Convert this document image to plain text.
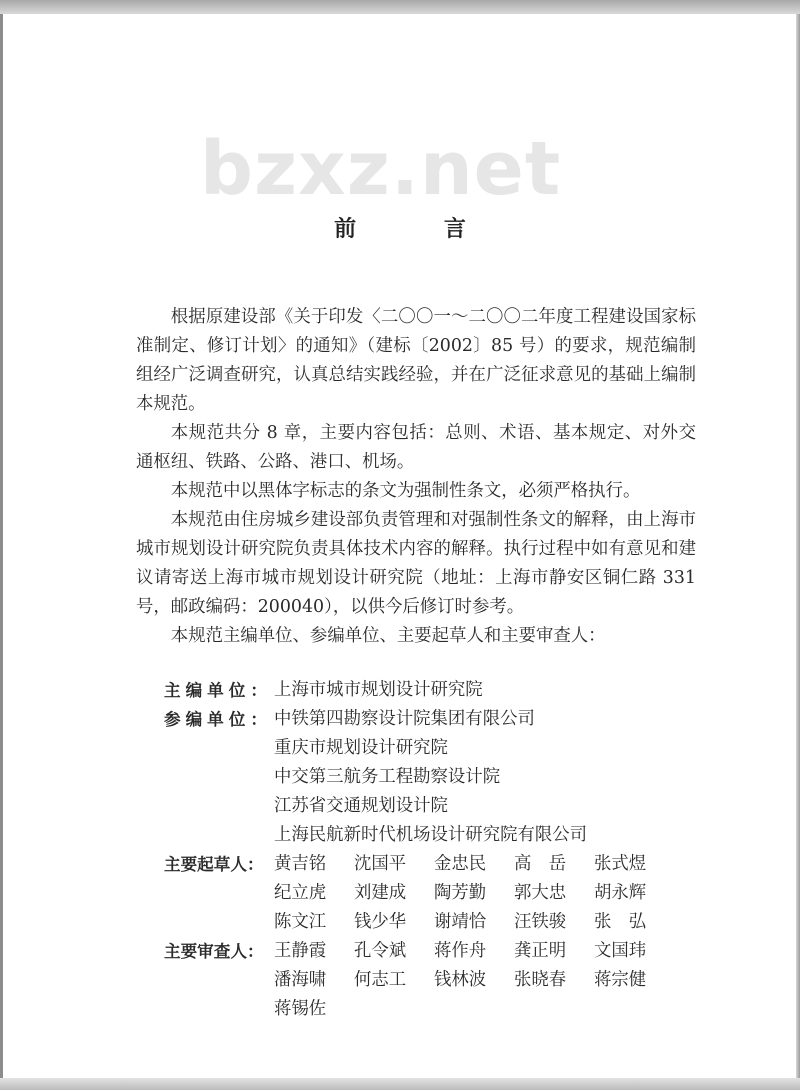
bzxz.net
前 言

根据原建设部《关于印发〈二〇〇一～二〇〇二年度工程建设国家标准制定、修订计划〉的通知》（建标〔2002〕85 号）的要求，规范编制组经广泛调查研究，认真总结实践经验，并在广泛征求意见的基础上编制本规范。

本规范共分 8 章，主要内容包括：总则、术语、基本规定、对外交通枢纽、铁路、公路、港口、机场。

本规范中以黑体字标志的条文为强制性条文，必须严格执行。

本规范由住房城乡建设部负责管理和对强制性条文的解释，由上海市城市规划设计研究院负责具体技术内容的解释。执行过程中如有意见和建议请寄送上海市城市规划设计研究院（地址：上海市静安区铜仁路 331 号，邮政编码：200040），以供今后修订时参考。

本规范主编单位、参编单位、主要起草人和主要审查人：

主编单位： 上海市城市规划设计研究院
参编单位： 中铁第四勘察设计院集团有限公司
重庆市规划设计研究院
中交第三航务工程勘察设计院
江苏省交通规划设计院
上海民航新时代机场设计研究院有限公司
主要起草人： 黄吉铭	沈国平	金忠民	高　岳	张式煜
纪立虎	刘建成	陶芳勤	郭大忠	胡永辉
陈文江	钱少华	谢靖恰	汪铁骏	张　弘
主要审查人： 王静霞	孔令斌	蒋作舟	龚正明	文国玮
潘海啸	何志工	钱林波	张晓春	蒋宗健
蒋锡佐
